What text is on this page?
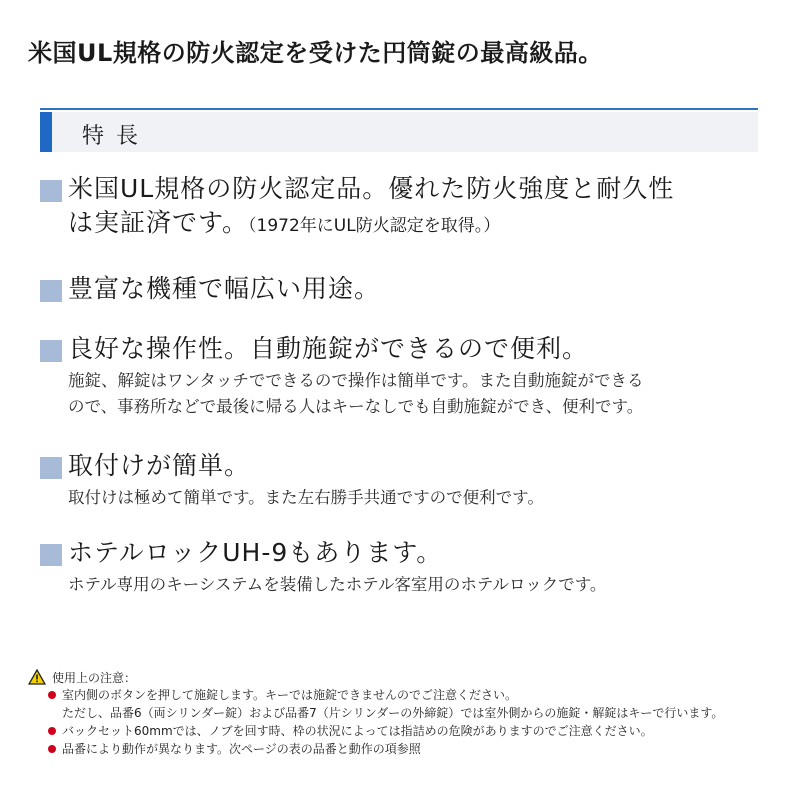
米国UL規格の防火認定を受けた円筒錠の最高級品。
特長
米国UL規格の防火認定品。優れた防火強度と耐久性
は実証済です。（1972年にUL防火認定を取得。）
豊富な機種で幅広い用途。
良好な操作性。自動施錠ができるので便利。
施錠、解錠はワンタッチでできるので操作は簡単です。また自動施錠ができる
ので、事務所などで最後に帰る人はキーなしでも自動施錠ができ、便利です。
取付けが簡単。
取付けは極めて簡単です。また左右勝手共通ですので便利です。
ホテルロックUH-9もあります。
ホテル専用のキーシステムを装備したホテル客室用のホテルロックです。
使用上の注意：
室内側のボタンを押して施錠します。キーでは施錠できませんのでご注意ください。
ただし、品番6（両シリンダー錠）および品番7（片シリンダーの外締錠）では室外側からの施錠・解錠はキーで行います。
バックセット60mmでは、ノブを回す時、枠の状況によっては指詰めの危険がありますのでご注意ください。
品番により動作が異なります。次ページの表の品番と動作の項参照
